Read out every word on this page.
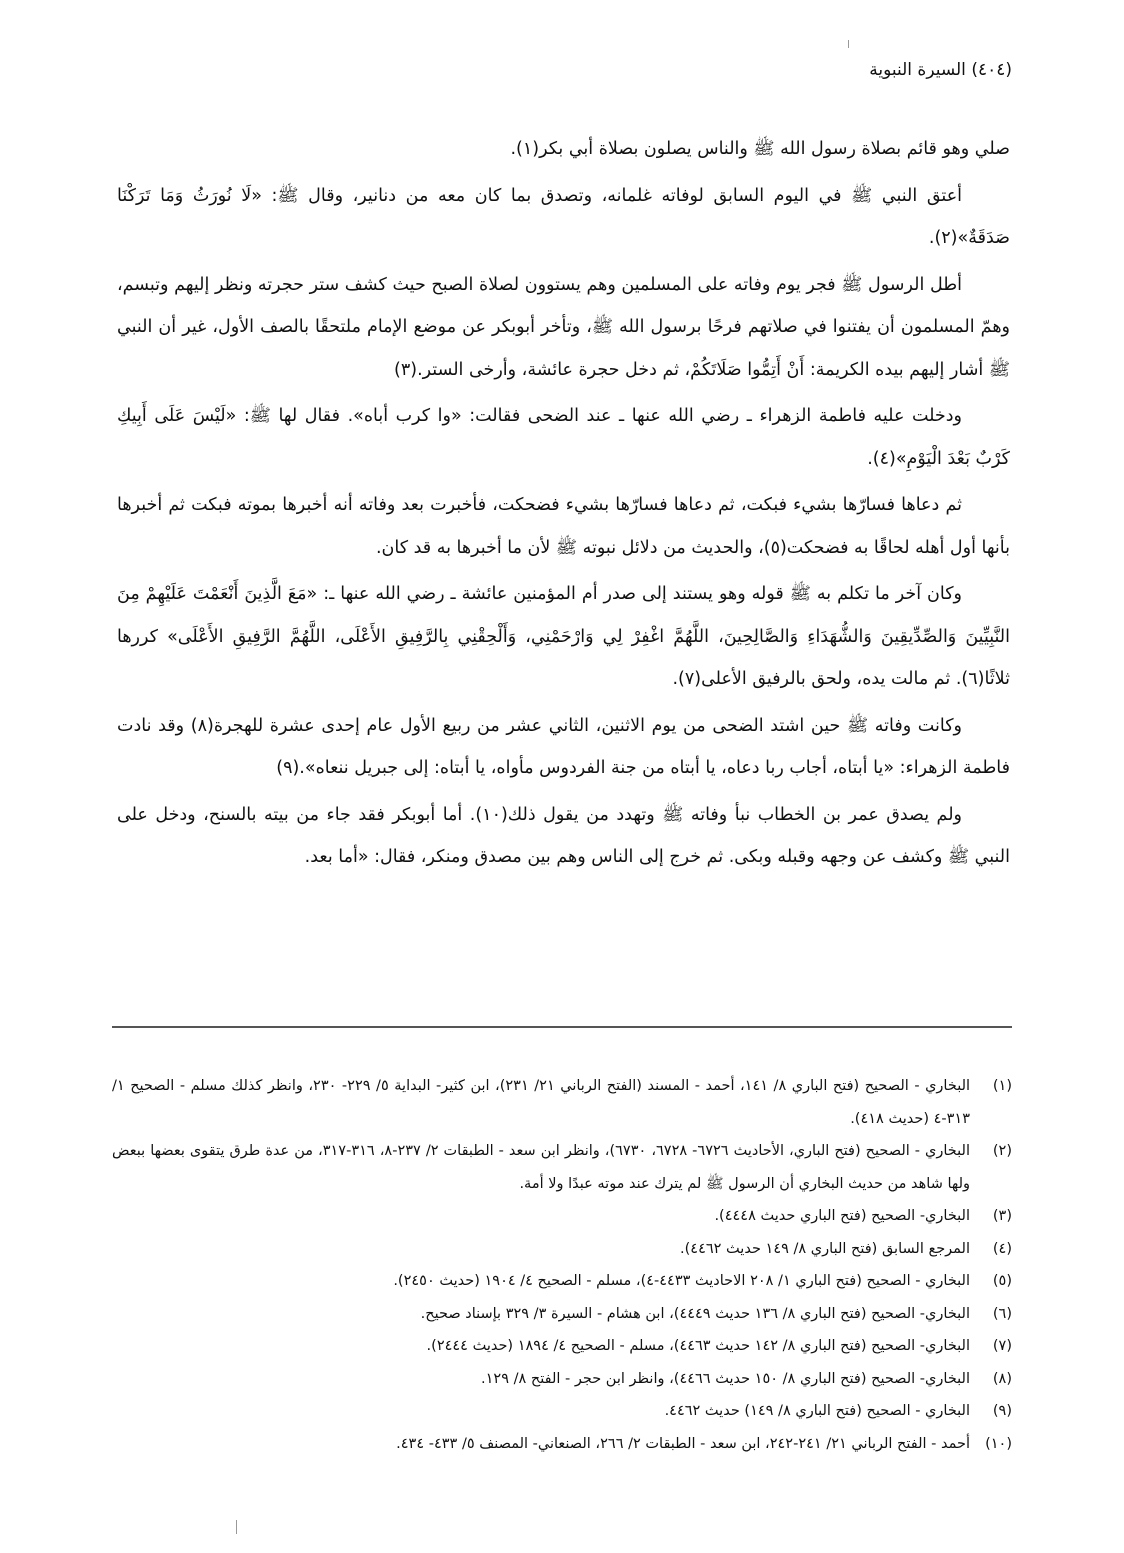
(٤٠٤) السيرة النبوية

صلي وهو قائم بصلاة رسول الله ﷺ والناس يصلون بصلاة أبي بكر(١).

أعتق النبي ﷺ في اليوم السابق لوفاته غلمانه، وتصدق بما كان معه من دنانير، وقال ﷺ: «لَا نُورَثُ وَمَا تَرَكْنَا صَدَقَةٌ»(٢).

أطل الرسول ﷺ فجر يوم وفاته على المسلمين وهم يستوون لصلاة الصبح حيث كشف ستر حجرته ونظر إليهم وتبسم، وهمّ المسلمون أن يفتنوا في صلاتهم فرحًا برسول الله ﷺ، وتأخر أبوبكر عن موضع الإمام ملتحقًا بالصف الأول، غير أن النبي ﷺ أشار إليهم بيده الكريمة: أَنْ أَتِمُّوا صَلَاتَكُمْ، ثم دخل حجرة عائشة، وأرخى الستر.(٣)

ودخلت عليه فاطمة الزهراء ـ رضي الله عنها ـ عند الضحى فقالت: «وا كرب أباه». فقال لها ﷺ: «لَيْسَ عَلَى أَبِيكِ كَرْبٌ بَعْدَ الْيَوْمِ»(٤).

ثم دعاها فسارّها بشيء فبكت، ثم دعاها فسارّها بشيء فضحكت، فأخبرت بعد وفاته أنه أخبرها بموته فبكت ثم أخبرها بأنها أول أهله لحاقًا به فضحكت(٥)، والحديث من دلائل نبوته ﷺ لأن ما أخبرها به قد كان.

وكان آخر ما تكلم به ﷺ قوله وهو يستند إلى صدر أم المؤمنين عائشة ـ رضي الله عنها ـ: «مَعَ الَّذِينَ أَنْعَمْتَ عَلَيْهِمْ مِنَ النَّبِيِّينَ وَالصِّدِّيقِينَ وَالشُّهَدَاءِ وَالصَّالِحِينَ، اللَّهُمَّ اغْفِرْ لِي وَارْحَمْنِي، وَأَلْحِقْنِي بِالرَّفِيقِ الأَعْلَى، اللَّهُمَّ الرَّفِيقِ الأَعْلَى» كررها ثلاثًا(٦). ثم مالت يده، ولحق بالرفيق الأعلى(٧).

وكانت وفاته ﷺ حين اشتد الضحى من يوم الاثنين، الثاني عشر من ربيع الأول عام إحدى عشرة للهجرة(٨) وقد نادت فاطمة الزهراء: «يا أبتاه، أجاب ربا دعاه، يا أبتاه من جنة الفردوس مأواه، يا أبتاه: إلى جبريل ننعاه».(٩)

ولم يصدق عمر بن الخطاب نبأ وفاته ﷺ وتهدد من يقول ذلك(١٠). أما أبوبكر فقد جاء من بيته بالسنح، ودخل على النبي ﷺ وكشف عن وجهه وقبله وبكى. ثم خرج إلى الناس وهم بين مصدق ومنكر، فقال: «أما بعد.

(١)
البخاري - الصحيح (فتح الباري ٨/ ١٤١، أحمد - المسند (الفتح الرباني ٢١/ ٢٣١)، ابن كثير- البداية ٥/ ٢٢٩- ٢٣٠، وانظر كذلك مسلم - الصحيح ١/ ٣١٣-٤ (حديث ٤١٨).
(٢)
البخاري - الصحيح (فتح الباري، الأحاديث ٦٧٢٦- ٦٧٢٨، ٦٧٣٠)، وانظر ابن سعد - الطبقات ٢/ ٢٣٧-٨، ٣١٦-٣١٧، من عدة طرق يتقوى بعضها ببعض ولها شاهد من حديث البخاري أن الرسول ﷺ لم يترك عند موته عبدًا ولا أمة.
(٣)
البخاري- الصحيح (فتح الباري حديث ٤٤٤٨).
(٤)
المرجع السابق (فتح الباري ٨/ ١٤٩ حديث ٤٤٦٢).
(٥)
البخاري - الصحيح (فتح الباري ١/ ٢٠٨ الاحاديث ٤٤٣٣-٤)، مسلم - الصحيح ٤/ ١٩٠٤ (حديث ٢٤٥٠).
(٦)
البخاري- الصحيح (فتح الباري ٨/ ١٣٦ حديث ٤٤٤٩)، ابن هشام - السيرة ٣/ ٣٢٩ بإسناد صحيح.
(٧)
البخاري- الصحيح (فتح الباري ٨/ ١٤٢ حديث ٤٤٦٣)، مسلم - الصحيح ٤/ ١٨٩٤ (حديث ٢٤٤٤).
(٨)
البخاري- الصحيح (فتح الباري ٨/ ١٥٠ حديث ٤٤٦٦)، وانظر ابن حجر - الفتح ٨/ ١٢٩.
(٩)
البخاري - الصحيح (فتح الباري ٨/ ١٤٩) حديث ٤٤٦٢.
(١٠)
أحمد - الفتح الرباني ٢١/ ٢٤١-٢٤٢، ابن سعد - الطبقات ٢/ ٢٦٦، الصنعاني- المصنف ٥/ ٤٣٣- ٤٣٤.
